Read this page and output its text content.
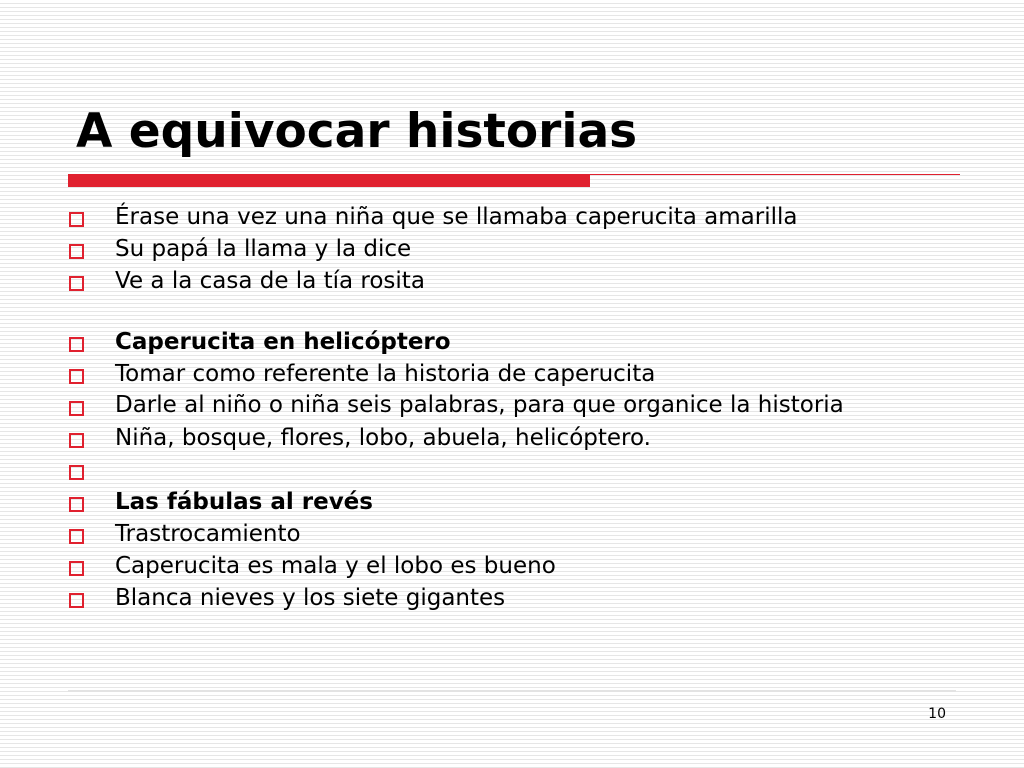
A equivocar historias
Érase una vez una niña que se llamaba caperucita amarilla
Su papá la llama y la dice
Ve a la casa de la tía rosita
Caperucita en helicóptero
Tomar como referente la historia de caperucita
Darle al niño o niña seis palabras, para que organice la historia
Niña, bosque, flores, lobo, abuela, helicóptero.
Las fábulas al revés
Trastrocamiento
Caperucita es mala y el lobo es bueno
Blanca nieves y los siete gigantes
10
